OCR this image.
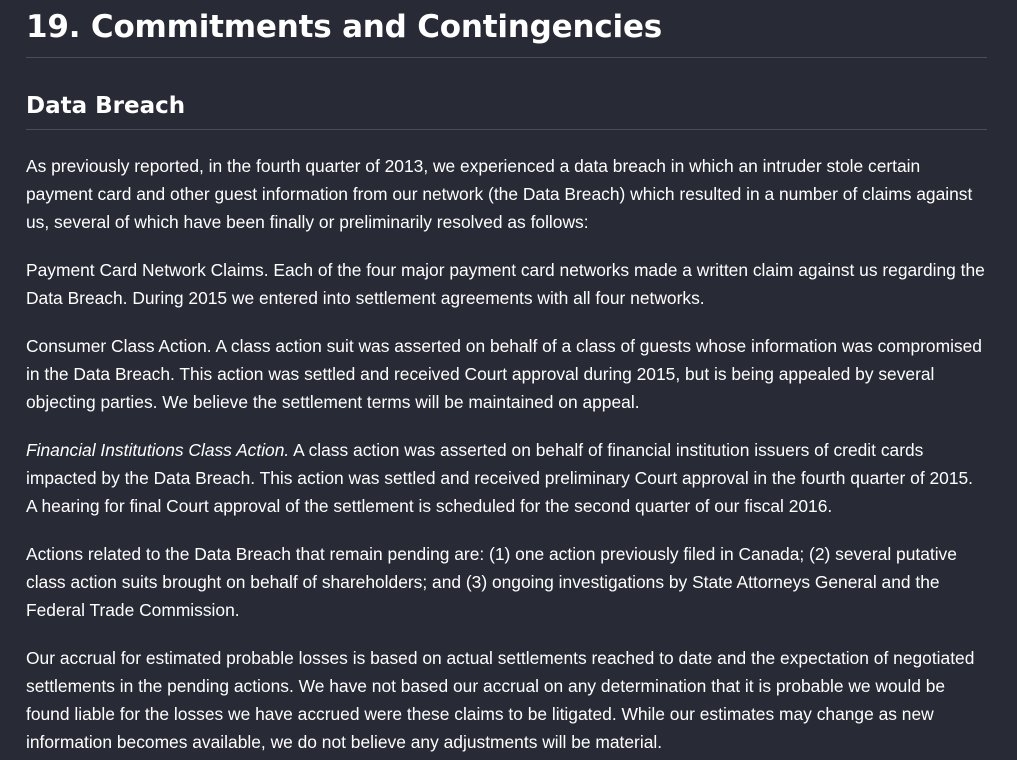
19. Commitments and Contingencies
Data Breach

As previously reported, in the fourth quarter of 2013, we experienced a data breach in which an intruder stole certain payment card and other guest information from our network (the Data Breach) which resulted in a number of claims against us, several of which have been finally or preliminarily resolved as follows:

Payment Card Network Claims. Each of the four major payment card networks made a written claim against us regarding the Data Breach. During 2015 we entered into settlement agreements with all four networks.

Consumer Class Action. A class action suit was asserted on behalf of a class of guests whose information was compromised in the Data Breach. This action was settled and received Court approval during 2015, but is being appealed by several objecting parties. We believe the settlement terms will be maintained on appeal.

Financial Institutions Class Action. A class action was asserted on behalf of financial institution issuers of credit cards impacted by the Data Breach. This action was settled and received preliminary Court approval in the fourth quarter of 2015. A hearing for final Court approval of the settlement is scheduled for the second quarter of our fiscal 2016.

Actions related to the Data Breach that remain pending are: (1) one action previously filed in Canada; (2) several putative class action suits brought on behalf of shareholders; and (3) ongoing investigations by State Attorneys General and the Federal Trade Commission.

Our accrual for estimated probable losses is based on actual settlements reached to date and the expectation of negotiated settlements in the pending actions. We have not based our accrual on any determination that it is probable we would be found liable for the losses we have accrued were these claims to be litigated. While our estimates may change as new information becomes available, we do not believe any adjustments will be material.
